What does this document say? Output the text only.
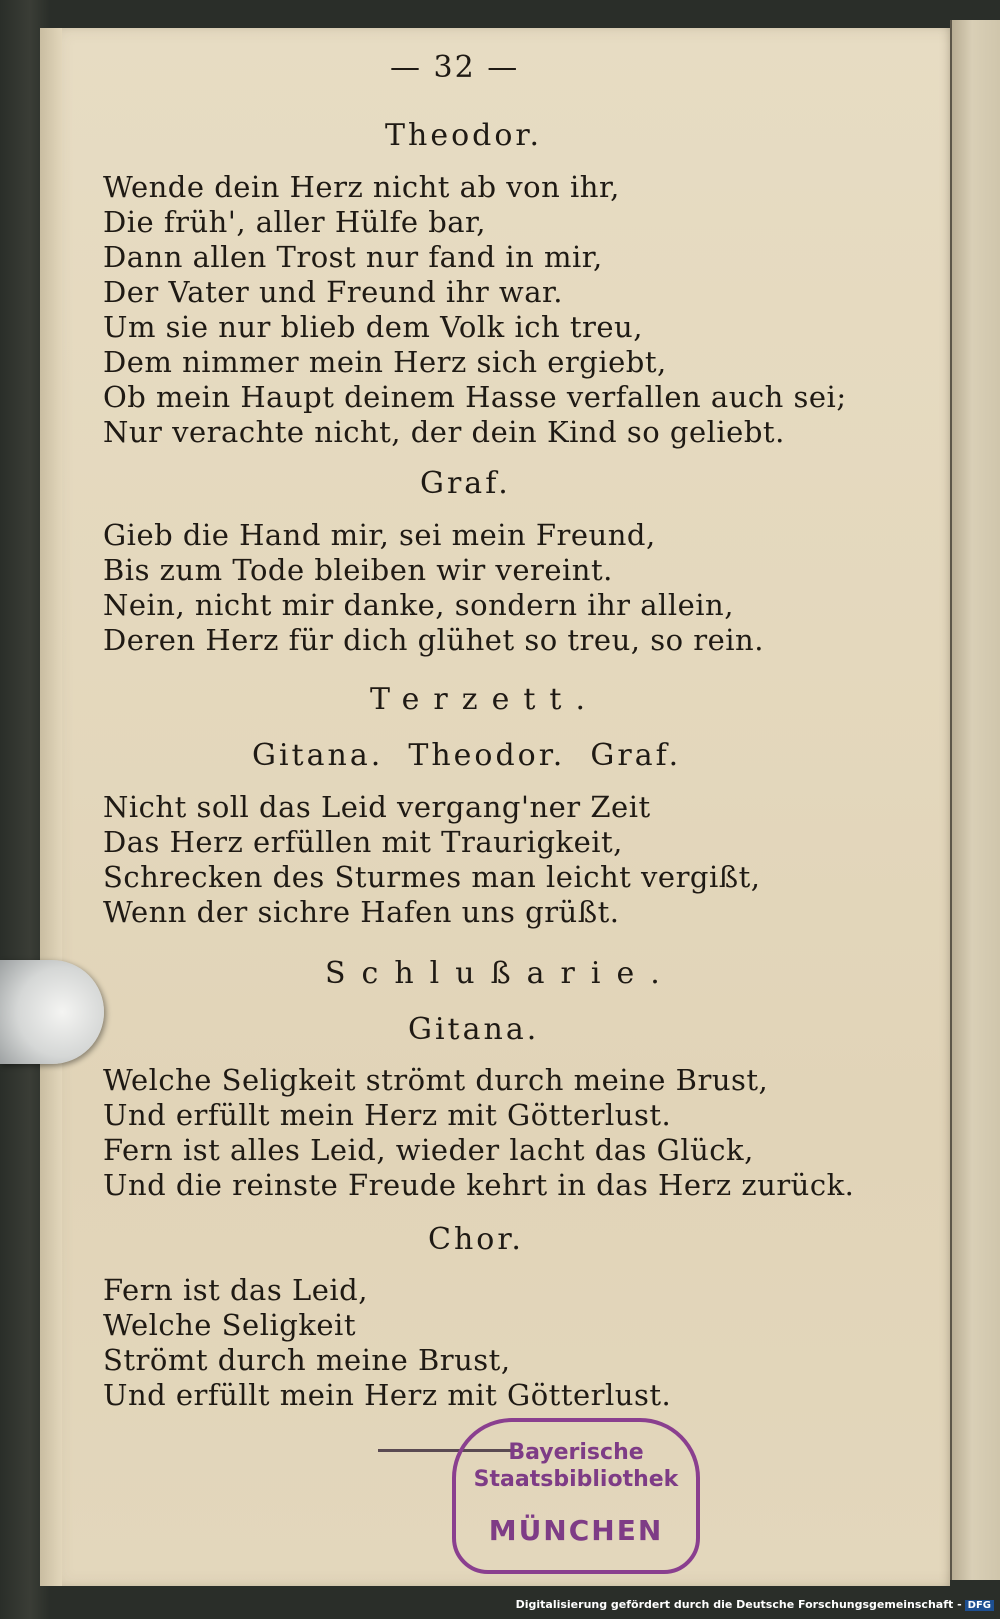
— 32 —
Theodor.
Wende dein Herz nicht ab von ihr,
Die früh', aller Hülfe bar,
Dann allen Trost nur fand in mir,
Der Vater und Freund ihr war.
Um sie nur blieb dem Volk ich treu,
Dem nimmer mein Herz sich ergiebt,
Ob mein Haupt deinem Hasse verfallen auch sei;
Nur verachte nicht, der dein Kind so geliebt.
Graf.
Gieb die Hand mir, sei mein Freund,
Bis zum Tode bleiben wir vereint.
Nein, nicht mir danke, sondern ihr allein,
Deren Herz für dich glühet so treu, so rein.
Terzett.
Gitana.  Theodor.  Graf.
Nicht soll das Leid vergang'ner Zeit
Das Herz erfüllen mit Traurigkeit,
Schrecken des Sturmes man leicht vergißt,
Wenn der sichre Hafen uns grüßt.
Schlußarie.
Gitana.
Welche Seligkeit strömt durch meine Brust,
Und erfüllt mein Herz mit Götterlust.
Fern ist alles Leid, wieder lacht das Glück,
Und die reinste Freude kehrt in das Herz zurück.
Chor.
Fern ist das Leid,
Welche Seligkeit
Strömt durch meine Brust,
Und erfüllt mein Herz mit Götterlust.
Bayerische
Staatsbibliothek
MÜNCHEN
Digitalisierung gefördert durch die Deutsche Forschungsgemeinschaft - DFG
